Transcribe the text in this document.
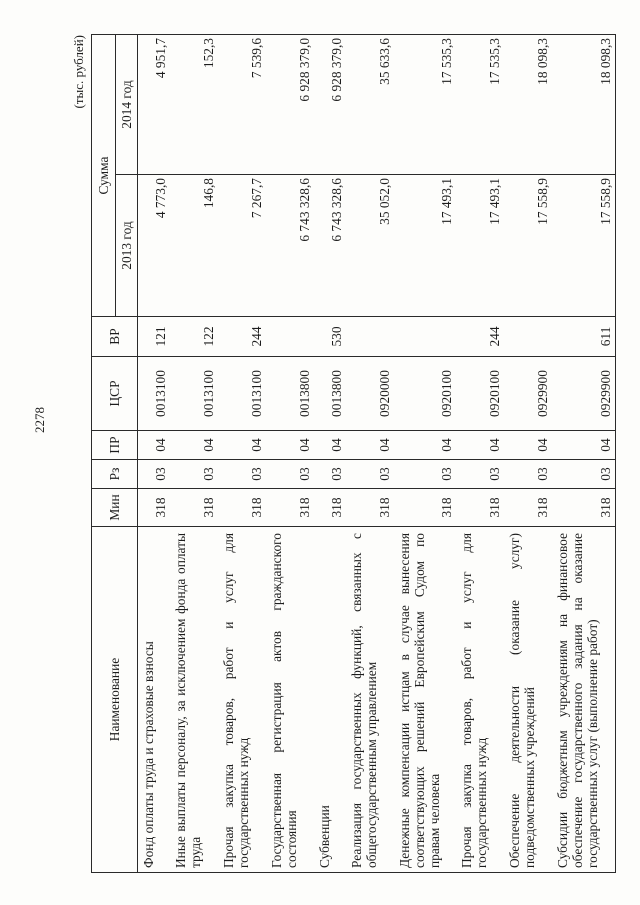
2278
(тыс. рублей)
Наименование	Мин	Рз	ПР	ЦСР	ВР	Сумма	
						2013 год	2014 год
Фонд оплаты труда и страховые взносы	318	03	04	0013100	121	4 773,0	4 951,7
Иные выплаты персоналу, за исключением фонда оплаты труда	318	03	04	0013100	122	146,8	152,3
Прочая закупка товаров, работ и услуг для государственных нужд	318	03	04	0013100	244	7 267,7	7 539,6
Государственная регистрация актов гражданского состояния	318	03	04	0013800		6 743 328,6	6 928 379,0
Субвенции	318	03	04	0013800	530	6 743 328,6	6 928 379,0
Реализация государственных функций, связанных с общегосударственным управлением	318	03	04	0920000		35 052,0	35 633,6
Денежные компенсации истцам в случае вынесения соответствующих решений Европейским Судом по правам человека	318	03	04	0920100		17 493,1	17 535,3
Прочая закупка товаров, работ и услуг для государственных нужд	318	03	04	0920100	244	17 493,1	17 535,3
Обеспечение деятельности (оказание услуг) подведомственных учреждений	318	03	04	0929900		17 558,9	18 098,3
Субсидии бюджетным учреждениям на финансовое обеспечение государственного задания на оказание государственных услуг (выполнение работ)	318	03	04	0929900	611	17 558,9	18 098,3
